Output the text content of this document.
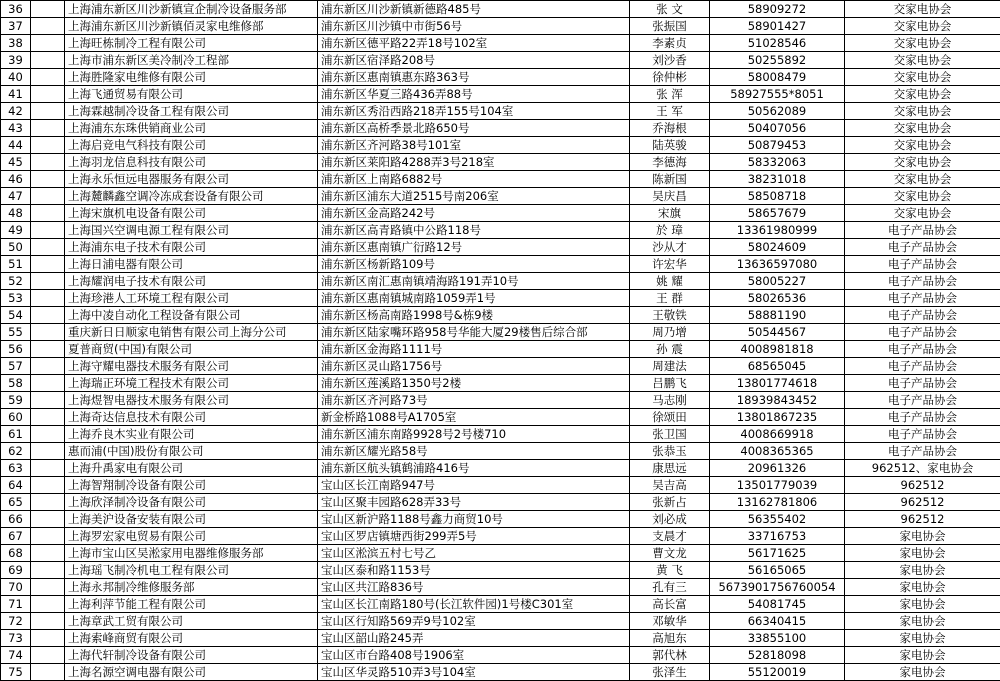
36		上海浦东新区川沙新镇宣企制冷设备服务部	浦东新区川沙新镇新德路485号	张 文	58909272	交家电协会
37		上海浦东新区川沙新镇佰灵家电维修部	浦东新区川沙镇中市街56号	张振国	58901427	交家电协会
38		上海旺栋制冷工程有限公司	浦东新区德平路22弄18号102室	李素贞	51028546	交家电协会
39		上海市浦东新区美冷制冷工程部	浦东新区宿泽路208号	刘沙香	50255892	交家电协会
40		上海胜隆家电维修有限公司	浦东新区惠南镇惠东路363号	徐仲彬	58008479	交家电协会
41		上海飞通贸易有限公司	浦东新区华夏三路436弄88号	张 浑	58927555*8051	交家电协会
42		上海霖越制冷设备工程有限公司	浦东新区秀沿西路218弄155号104室	王 军	50562089	交家电协会
43		上海浦东东珠供销商业公司	浦东新区高桥季景北路650号	乔海根	50407056	交家电协会
44		上海启竞电气科技有限公司	浦东新区齐河路38号101室	陆英骏	50879453	交家电协会
45		上海羽龙信息科技有限公司	浦东新区莱阳路4288弄3号218室	李德海	58332063	交家电协会
46		上海永乐恒远电器服务有限公司	浦东新区上南路6882号	陈新国	38231018	交家电协会
47		上海麓麟鑫空调冷冻成套设备有限公司	浦东新区浦东大道2515号南206室	吴庆昌	58508718	交家电协会
48		上海宋旗机电设备有限公司	浦东新区金高路242号	宋旗	58657679	交家电协会
49		上海国兴空调电源工程有限公司	浦东新区高青路镇中公路118号	於 璋	13361980999	电子产品协会
50		上海浦东电子技术有限公司	浦东新区惠南镇广衍路12号	沙从才	58024609	电子产品协会
51		上海日浦电器有限公司	浦东新区杨新路109号	许宏华	13636597080	电子产品协会
52		上海耀润电子技术有限公司	浦东新区南汇惠南镇靖海路191弄10号	姚 耀	58005227	电子产品协会
53		上海珍港人工环境工程有限公司	浦东新区惠南镇城南路1059弄1号	王 群	58026536	电子产品协会
54		上海中凌自动化工程设备有限公司	浦东新区杨高南路1998号&栋9楼	王敬铁	58881190	电子产品协会
55		重庆新日日顺家电销售有限公司上海分公司	浦东新区陆家嘴环路958号华能大厦29楼售后综合部	周乃增	50544567	电子产品协会
56		夏普商贸(中国)有限公司	浦东新区金海路1111号	孙 震	4008981818	电子产品协会
57		上海守耀电器技术服务有限公司	浦东新区灵山路1756号	周建法	68565045	电子产品协会
58		上海瑞正环境工程技术有限公司	浦东新区莲溪路1350号2楼	吕鹏飞	13801774618	电子产品协会
59		上海煜智电器技术服务有限公司	浦东新区齐河路73号	马志刚	18939843452	电子产品协会
60		上海奇达信息技术有限公司	新金桥路1088号A1705室	徐颂田	13801867235	电子产品协会
61		上海乔良木实业有限公司	浦东新区浦东南路9928号2号楼710	张卫国	4008669918	电子产品协会
62		惠而浦(中国)股份有限公司	浦东新区耀光路58号	张恭玉	4008365365	电子产品协会
63		上海升禹家电有限公司	浦东新区航头镇鹤浦路416号	康思远	20961326	962512、家电协会
64		上海智翔制冷设备有限公司	宝山区长江南路947号	吴吉高	13501779039	962512
65		上海欣泽制冷设备有限公司	宝山区聚丰园路628弄33号	张新占	13162781806	962512
66		上海美沪设备安装有限公司	宝山区新沪路1188号鑫力商贸10号	刘必成	56355402	962512
67		上海罗宏家电贸易有限公司	宝山区罗店镇塘西街299弄5号	支晨才	33716753	家电协会
68		上海市宝山区吴淞家用电器维修服务部	宝山区淞滨五村七号乙	曹文龙	56171625	家电协会
69		上海瑶飞制冷机电工程有限公司	宝山区泰和路1153号	黄 飞	56165065	家电协会
70		上海永邦制冷维修服务部	宝山区共江路836号	孔有三	5673901756760054	家电协会
71		上海利萍节能工程有限公司	宝山区长江南路180号(长江软件园)1号楼C301室	高长富	54081745	家电协会
72		上海章武工贸有限公司	宝山区行知路569弄9号102室	邓敏华	66340415	家电协会
73		上海索峰商贸有限公司	宝山区韶山路245弄	高旭东	33855100	家电协会
74		上海代轩制冷设备有限公司	宝山区市台路408号1906室	郭代林	52818098	家电协会
75		上海名源空调电器有限公司	宝山区华灵路510弄3号104室	张泽生	55120019	家电协会
